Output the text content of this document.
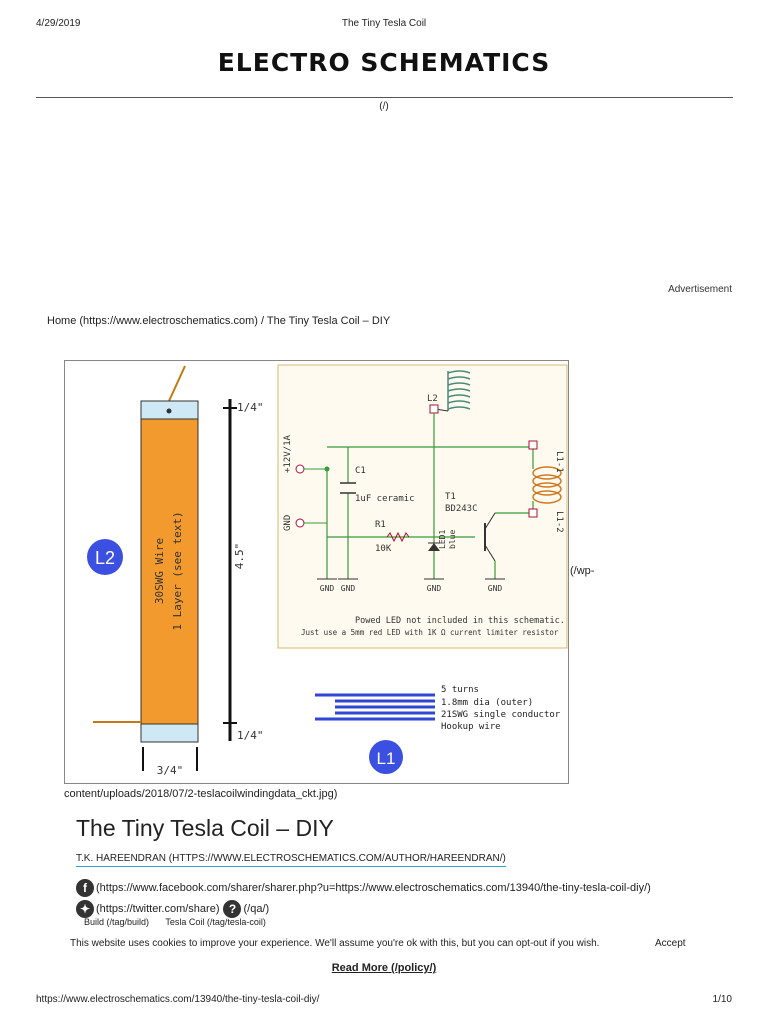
4/29/2019	The Tiny Tesla Coil
ELECTRO SCHEMATICS
(/)
Advertisement
Home (https://www.electroschematics.com) / The Tiny Tesla Coil – DIY
30SWG Wire 1 Layer (see text)
1/4"
1/4"
4.5"
3/4"
L2
L2
L1-1
L1-2
+12V/1A
GND
C1
1uF ceramic
R1
10K	LED1 blue
T1
BD243C
GND GND	GND	GND
Powed LED not included in this schematic.
Just use a 5mm red LED with 1K Ω current limiter resistor
5 turns
1.8mm dia (outer)
21SWG single conductor
Hookup wire
L1
(/wp-
content/uploads/2018/07/2-teslacoilwindingdata_ckt.jpg)
The Tiny Tesla Coil – DIY
T.K. HAREENDRAN (HTTPS://WWW.ELECTROSCHEMATICS.COM/AUTHOR/HAREENDRAN/)
f (https://www.facebook.com/sharer/sharer.php?u=https://www.electroschematics.com/13940/the-tiny-tesla-coil-diy/)
✦ (https://twitter.com/share) ? (/qa/)
Build (/tag/build) Tesla Coil (/tag/tesla-coil)
This website uses cookies to improve your experience. We'll assume you're ok with this, but you can opt-out if you wish.	Accept
Read More (/policy/)
https://www.electroschematics.com/13940/the-tiny-tesla-coil-diy/	1/10
